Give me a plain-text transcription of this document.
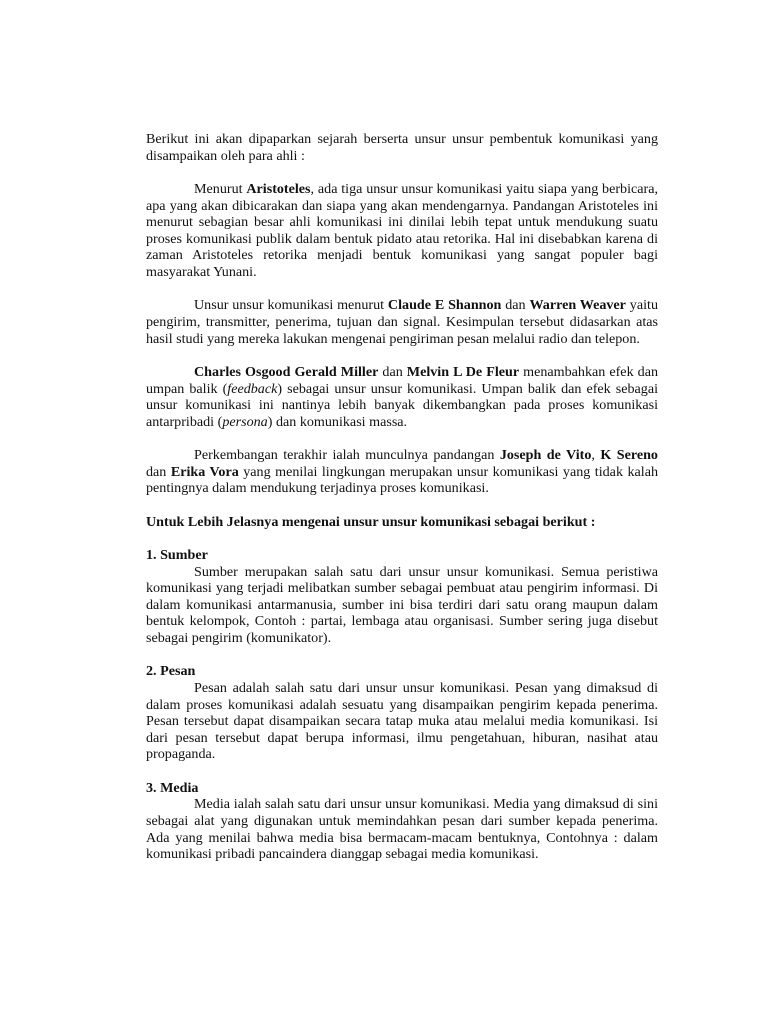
Berikut ini akan dipaparkan sejarah berserta unsur unsur pembentuk komunikasi yang disampaikan oleh para ahli :

Menurut Aristoteles, ada tiga unsur unsur komunikasi yaitu siapa yang berbicara, apa yang akan dibicarakan dan siapa yang akan mendengarnya. Pandangan Aristoteles ini menurut sebagian besar ahli komunikasi ini dinilai lebih tepat untuk mendukung suatu proses komunikasi publik dalam bentuk pidato atau retorika. Hal ini disebabkan karena di zaman Aristoteles retorika menjadi bentuk komunikasi yang sangat populer bagi masyarakat Yunani.

Unsur unsur komunikasi menurut Claude E Shannon dan Warren Weaver yaitu pengirim, transmitter, penerima, tujuan dan signal. Kesimpulan tersebut didasarkan atas hasil studi yang mereka lakukan mengenai pengiriman pesan melalui radio dan telepon.

Charles Osgood Gerald Miller dan Melvin L De Fleur menambahkan efek dan umpan balik (feedback) sebagai unsur unsur komunikasi. Umpan balik dan efek sebagai unsur komunikasi ini nantinya lebih banyak dikembangkan pada proses komunikasi antarpribadi (persona) dan komunikasi massa.

Perkembangan terakhir ialah munculnya pandangan Joseph de Vito, K Sereno dan Erika Vora yang menilai lingkungan merupakan unsur komunikasi yang tidak kalah pentingnya dalam mendukung terjadinya proses komunikasi.

Untuk Lebih Jelasnya mengenai unsur unsur komunikasi sebagai berikut :

1. Sumber

Sumber merupakan salah satu dari unsur unsur komunikasi. Semua peristiwa komunikasi yang terjadi melibatkan sumber sebagai pembuat atau pengirim informasi. Di dalam komunikasi antarmanusia, sumber ini bisa terdiri dari satu orang maupun dalam bentuk kelompok, Contoh : partai, lembaga atau organisasi. Sumber sering juga disebut sebagai pengirim (komunikator).

2. Pesan

Pesan adalah salah satu dari unsur unsur komunikasi. Pesan yang dimaksud di dalam proses komunikasi adalah sesuatu yang disampaikan pengirim kepada penerima. Pesan tersebut dapat disampaikan secara tatap muka atau melalui media komunikasi. Isi dari pesan tersebut dapat berupa informasi, ilmu pengetahuan, hiburan, nasihat atau propaganda.

3. Media

Media ialah salah satu dari unsur unsur komunikasi. Media yang dimaksud di sini sebagai alat yang digunakan untuk memindahkan pesan dari sumber kepada penerima. Ada yang menilai bahwa media bisa bermacam-macam bentuknya, Contohnya : dalam komunikasi pribadi pancaindera dianggap sebagai media komunikasi.
